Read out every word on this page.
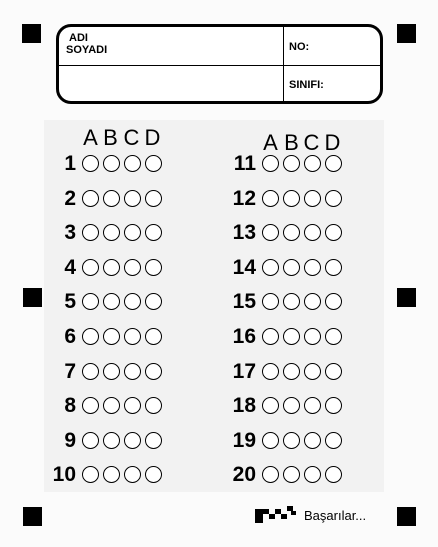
ADI
SOYADI	NO:
SINIFI:
A B C D	A B C D
1
2
3
4
5
6
7
8
9
10
11
12
13
14
15
16
17
18
19
20
Başarılar...
